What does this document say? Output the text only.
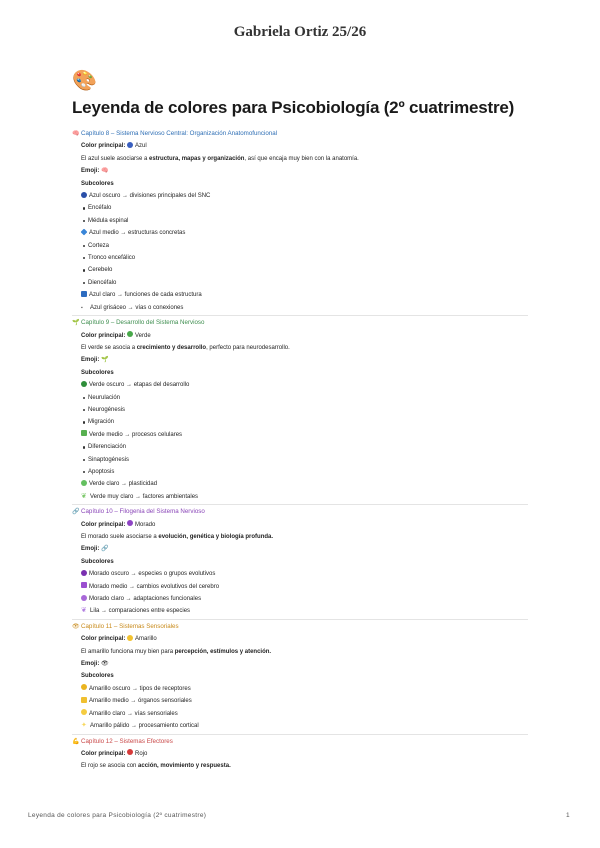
Gabriela Ortiz 25/26
🎨
Leyenda de colores para Psicobiología (2º cuatrimestre)
🧠 Capítulo 8 – Sistema Nervioso Central: Organización Anatomofuncional
Color principal: Azul
El azul suele asociarse a estructura, mapas y organización, así que encaja muy bien con la anatomía.
Emoji: 🧠
Subcolores
Azul oscuro → divisiones principales del SNC
Encéfalo
Médula espinal
Azul medio → estructuras concretas
Corteza
Tronco encefálico
Cerebelo
Diencéfalo
Azul claro → funciones de cada estructura
▪ Azul grisáceo → vías o conexiones
🌱 Capítulo 9 – Desarrollo del Sistema Nervioso
Color principal: Verde
El verde se asocia a crecimiento y desarrollo, perfecto para neurodesarrollo.
Emoji: 🌱
Subcolores
Verde oscuro → etapas del desarrollo
Neurulación
Neurogénesis
Migración
Verde medio → procesos celulares
Diferenciación
Sinaptogénesis
Apoptosis
Verde claro → plasticidad
❦ Verde muy claro → factores ambientales
🔗 Capítulo 10 – Filogenia del Sistema Nervioso
Color principal: Morado
El morado suele asociarse a evolución, genética y biología profunda.
Emoji: 🔗
Subcolores
Morado oscuro → especies o grupos evolutivos
Morado medio → cambios evolutivos del cerebro
Morado claro → adaptaciones funcionales
❦ Lila → comparaciones entre especies
👁Capítulo 11 – Sistemas Sensoriales
Color principal: Amarillo
El amarillo funciona muy bien para percepción, estímulos y atención.
Emoji: 👁
Subcolores
Amarillo oscuro → tipos de receptores
Amarillo medio → órganos sensoriales
Amarillo claro → vías sensoriales
✦ Amarillo pálido → procesamiento cortical
💪 Capítulo 12 – Sistemas Efectores
Color principal: Rojo
El rojo se asocia con acción, movimiento y respuesta.
Leyenda de colores para Psicobiología (2º cuatrimestre)	1
